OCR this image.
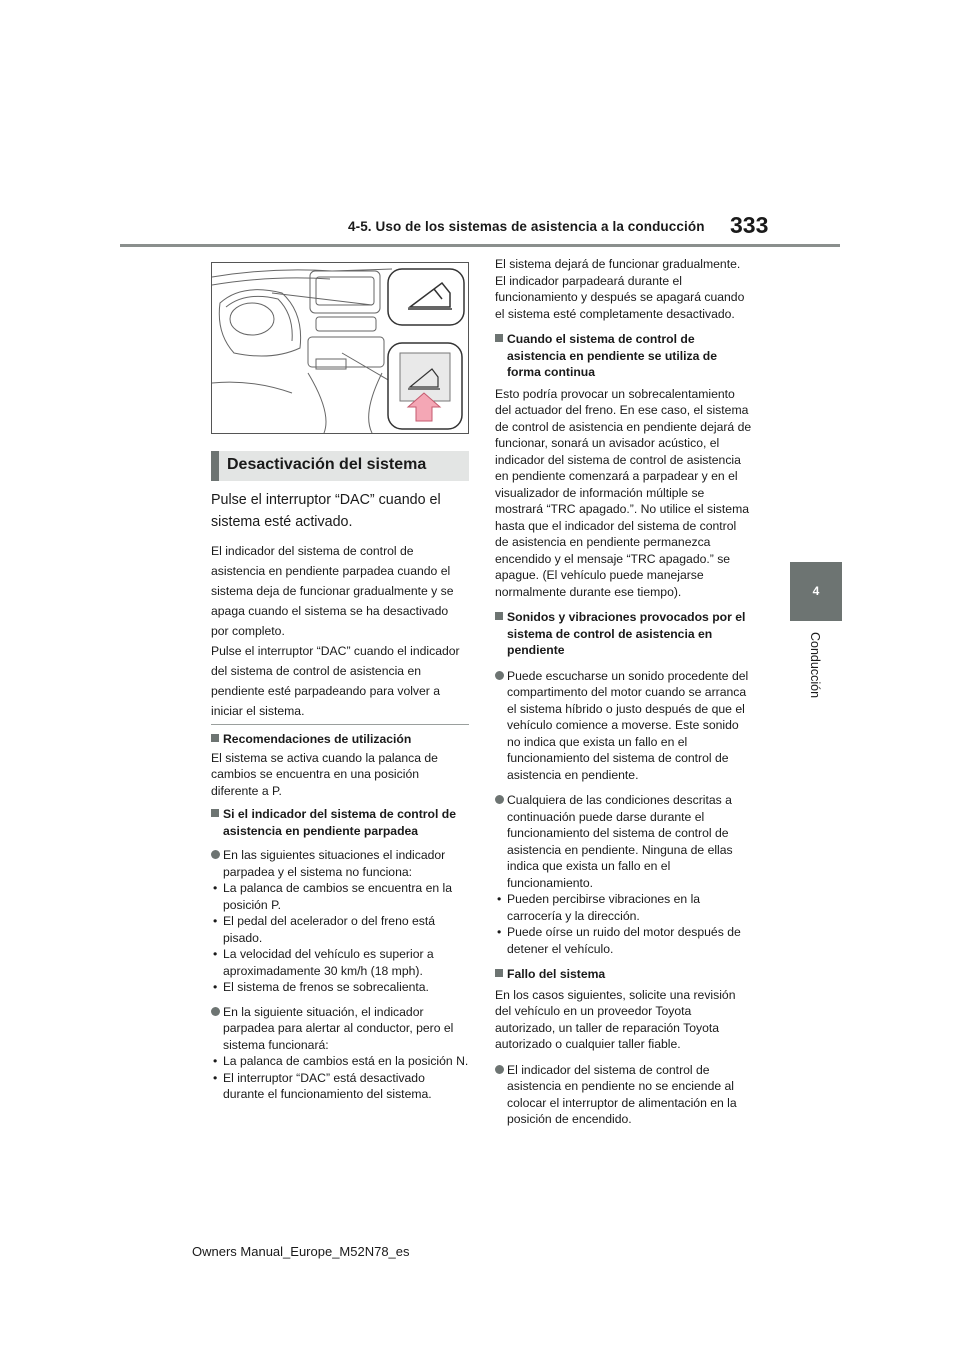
4-5. Uso de los sistemas de asistencia a la conducción 333
4
Conducción
Desactivación del sistema

Pulse el interruptor “DAC” cuando el sistema esté activado.

El indicador del sistema de control de asistencia en pendiente parpadea cuando el sistema deja de funcionar gradualmente y se apaga cuando el sistema se ha desactivado por completo.

Pulse el interruptor “DAC” cuando el indicador del sistema de control de asistencia en pendiente esté parpadeando para volver a iniciar el sistema.

Recomendaciones de utilización

El sistema se activa cuando la palanca de cambios se encuentra en una posición diferente a P.

Si el indicador del sistema de control de asistencia en pendiente parpadea

En las siguientes situaciones el indicador parpadea y el sistema no funciona:

• La palanca de cambios se encuentra en la posición P.

• El pedal del acelerador o del freno está pisado.

• La velocidad del vehículo es superior a aproximadamente 30 km/h (18 mph).

• El sistema de frenos se sobrecalienta.

En la siguiente situación, el indicador parpadea para alertar al conductor, pero el sistema funcionará:

• La palanca de cambios está en la posición N.

• El interruptor “DAC” está desactivado durante el funcionamiento del sistema.

El sistema dejará de funcionar gradualmente. El indicador parpadeará durante el funcionamiento y después se apagará cuando el sistema esté completamente desactivado.

Cuando el sistema de control de asistencia en pendiente se utiliza de forma continua

Esto podría provocar un sobrecalentamiento del actuador del freno. En ese caso, el sistema de control de asistencia en pendiente dejará de funcionar, sonará un avisador acústico, el indicador del sistema de control de asistencia en pendiente comenzará a parpadear y en el visualizador de información múltiple se mostrará “TRC apagado.”. No utilice el sistema hasta que el indicador del sistema de control de asistencia en pendiente permanezca encendido y el mensaje “TRC apagado.” se apague. (El vehículo puede manejarse normalmente durante ese tiempo).

Sonidos y vibraciones provocados por el sistema de control de asistencia en pendiente

Puede escucharse un sonido procedente del compartimento del motor cuando se arranca el sistema híbrido o justo después de que el vehículo comience a moverse. Este sonido no indica que exista un fallo en el funcionamiento del sistema de control de asistencia en pendiente.

Cualquiera de las condiciones descritas a continuación puede darse durante el funcionamiento del sistema de control de asistencia en pendiente. Ninguna de ellas indica que exista un fallo en el funcionamiento.

• Pueden percibirse vibraciones en la carrocería y la dirección.

• Puede oírse un ruido del motor después de detener el vehículo.

Fallo del sistema

En los casos siguientes, solicite una revisión del vehículo en un proveedor Toyota autorizado, un taller de reparación Toyota autorizado o cualquier taller fiable.

El indicador del sistema de control de asistencia en pendiente no se enciende al colocar el interruptor de alimentación en la posición de encendido.

Owners Manual_Europe_M52N78_es
